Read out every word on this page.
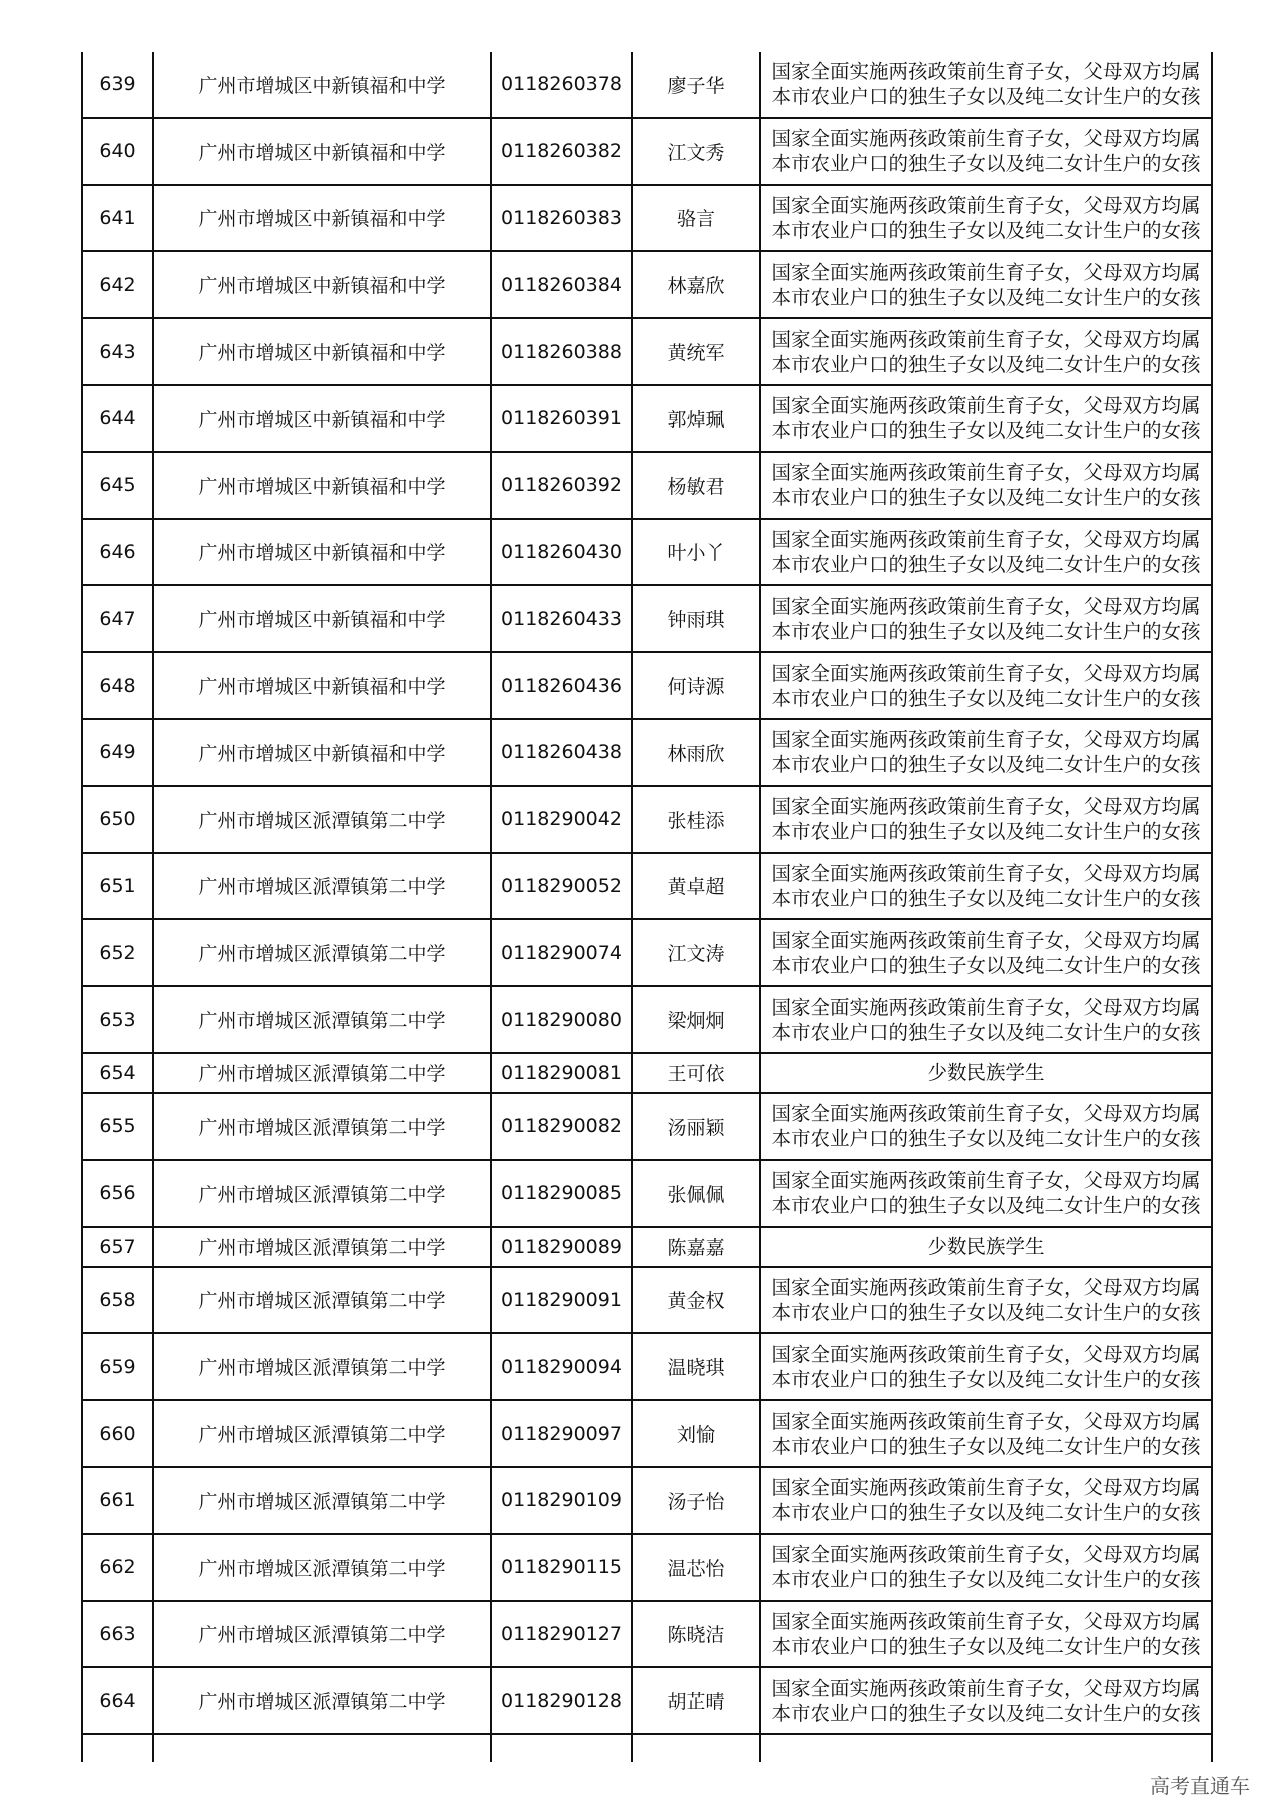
639	广州市增城区中新镇福和中学	0118260378	廖子华
国家全面实施两孩政策前生育子女，父母双方均属
本市农业户口的独生子女以及纯二女计生户的女孩
640	广州市增城区中新镇福和中学	0118260382	江文秀
国家全面实施两孩政策前生育子女，父母双方均属
本市农业户口的独生子女以及纯二女计生户的女孩
641	广州市增城区中新镇福和中学	0118260383	骆言
国家全面实施两孩政策前生育子女，父母双方均属
本市农业户口的独生子女以及纯二女计生户的女孩
642	广州市增城区中新镇福和中学	0118260384	林嘉欣
国家全面实施两孩政策前生育子女，父母双方均属
本市农业户口的独生子女以及纯二女计生户的女孩
643	广州市增城区中新镇福和中学	0118260388	黄统军
国家全面实施两孩政策前生育子女，父母双方均属
本市农业户口的独生子女以及纯二女计生户的女孩
644	广州市增城区中新镇福和中学	0118260391	郭焯珮
国家全面实施两孩政策前生育子女，父母双方均属
本市农业户口的独生子女以及纯二女计生户的女孩
645	广州市增城区中新镇福和中学	0118260392	杨敏君
国家全面实施两孩政策前生育子女，父母双方均属
本市农业户口的独生子女以及纯二女计生户的女孩
646	广州市增城区中新镇福和中学	0118260430	叶小丫
国家全面实施两孩政策前生育子女，父母双方均属
本市农业户口的独生子女以及纯二女计生户的女孩
647	广州市增城区中新镇福和中学	0118260433	钟雨琪
国家全面实施两孩政策前生育子女，父母双方均属
本市农业户口的独生子女以及纯二女计生户的女孩
648	广州市增城区中新镇福和中学	0118260436	何诗源
国家全面实施两孩政策前生育子女，父母双方均属
本市农业户口的独生子女以及纯二女计生户的女孩
649	广州市增城区中新镇福和中学	0118260438	林雨欣
国家全面实施两孩政策前生育子女，父母双方均属
本市农业户口的独生子女以及纯二女计生户的女孩
650	广州市增城区派潭镇第二中学	0118290042	张桂添
国家全面实施两孩政策前生育子女，父母双方均属
本市农业户口的独生子女以及纯二女计生户的女孩
651	广州市增城区派潭镇第二中学	0118290052	黄卓超
国家全面实施两孩政策前生育子女，父母双方均属
本市农业户口的独生子女以及纯二女计生户的女孩
652	广州市增城区派潭镇第二中学	0118290074	江文涛
国家全面实施两孩政策前生育子女，父母双方均属
本市农业户口的独生子女以及纯二女计生户的女孩
653	广州市增城区派潭镇第二中学	0118290080	梁炯炯
国家全面实施两孩政策前生育子女，父母双方均属
本市农业户口的独生子女以及纯二女计生户的女孩
654	广州市增城区派潭镇第二中学	0118290081	王可依	少数民族学生
655	广州市增城区派潭镇第二中学	0118290082	汤丽颖
国家全面实施两孩政策前生育子女，父母双方均属
本市农业户口的独生子女以及纯二女计生户的女孩
656	广州市增城区派潭镇第二中学	0118290085	张佩佩
国家全面实施两孩政策前生育子女，父母双方均属
本市农业户口的独生子女以及纯二女计生户的女孩
657	广州市增城区派潭镇第二中学	0118290089	陈嘉嘉	少数民族学生
658	广州市增城区派潭镇第二中学	0118290091	黄金权
国家全面实施两孩政策前生育子女，父母双方均属
本市农业户口的独生子女以及纯二女计生户的女孩
659	广州市增城区派潭镇第二中学	0118290094	温晓琪
国家全面实施两孩政策前生育子女，父母双方均属
本市农业户口的独生子女以及纯二女计生户的女孩
660	广州市增城区派潭镇第二中学	0118290097	刘愉
国家全面实施两孩政策前生育子女，父母双方均属
本市农业户口的独生子女以及纯二女计生户的女孩
661	广州市增城区派潭镇第二中学	0118290109	汤子怡
国家全面实施两孩政策前生育子女，父母双方均属
本市农业户口的独生子女以及纯二女计生户的女孩
662	广州市增城区派潭镇第二中学	0118290115	温芯怡
国家全面实施两孩政策前生育子女，父母双方均属
本市农业户口的独生子女以及纯二女计生户的女孩
663	广州市增城区派潭镇第二中学	0118290127	陈晓洁
国家全面实施两孩政策前生育子女，父母双方均属
本市农业户口的独生子女以及纯二女计生户的女孩
664	广州市增城区派潭镇第二中学	0118290128	胡芷晴
国家全面实施两孩政策前生育子女，父母双方均属
本市农业户口的独生子女以及纯二女计生户的女孩
高考直通车
